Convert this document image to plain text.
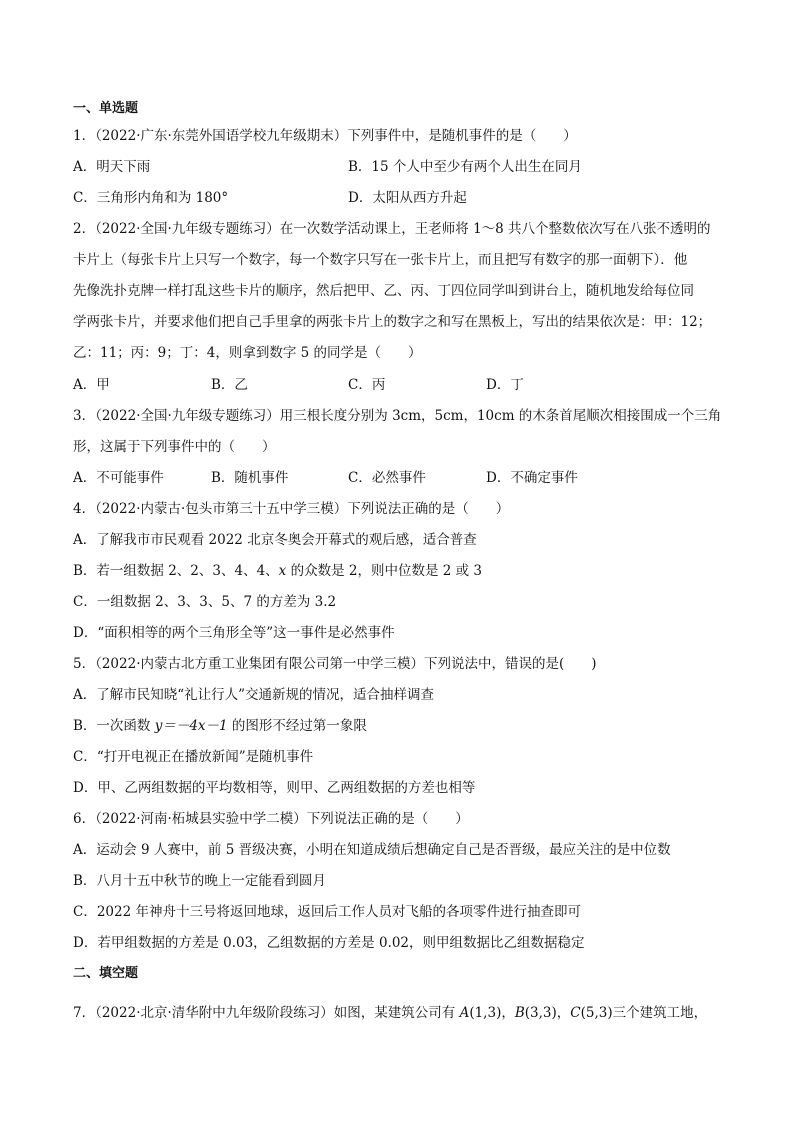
一、单选题
1．（2022·广东·东莞外国语学校九年级期末）下列事件中，是随机事件的是（　　）
A．明天下雨	B．15 个人中至少有两个人出生在同月
C．三角形内角和为 180°	D．太阳从西方升起
2．（2022·全国·九年级专题练习）在一次数学活动课上，王老师将 1～8 共八个整数依次写在八张不透明的
卡片上（每张卡片上只写一个数字，每一个数字只写在一张卡片上，而且把写有数字的那一面朝下）．他
先像洗扑克牌一样打乱这些卡片的顺序，然后把甲、乙、丙、丁四位同学叫到讲台上，随机地发给每位同
学两张卡片，并要求他们把自己手里拿的两张卡片上的数字之和写在黑板上，写出的结果依次是：甲：12；
乙：11；丙：9；丁：4，则拿到数字 5 的同学是（　　）
A．甲	B．乙	C．丙	D．丁
3．（2022·全国·九年级专题练习）用三根长度分别为 3cm，5cm，10cm 的木条首尾顺次相接围成一个三角
形，这属于下列事件中的（　　）
A．不可能事件	B．随机事件	C．必然事件	D．不确定事件
4．（2022·内蒙古·包头市第三十五中学三模）下列说法正确的是（　　）
A．了解我市市民观看 2022 北京冬奥会开幕式的观后感，适合普查
B．若一组数据 2、2、3、4、4、x 的众数是 2，则中位数是 2 或 3
C．一组数据 2、3、3、5、7 的方差为 3.2
D．“面积相等的两个三角形全等”这一事件是必然事件
5．（2022·内蒙古北方重工业集团有限公司第一中学三模）下列说法中，错误的是(　　)
A．了解市民知晓“礼让行人”交通新规的情况，适合抽样调查
B．一次函数 y＝－4x－1 的图形不经过第一象限
C．“打开电视正在播放新闻”是随机事件
D．甲、乙两组数据的平均数相等，则甲、乙两组数据的方差也相等
6．（2022·河南·柘城县实验中学二模）下列说法正确的是（　　）
A．运动会 9 人赛中，前 5 晋级决赛，小明在知道成绩后想确定自己是否晋级，最应关注的是中位数
B．八月十五中秋节的晚上一定能看到圆月
C．2022 年神舟十三号将返回地球，返回后工作人员对飞船的各项零件进行抽查即可
D．若甲组数据的方差是 0.03，乙组数据的方差是 0.02，则甲组数据比乙组数据稳定
二、填空题
7．（2022·北京·清华附中九年级阶段练习）如图，某建筑公司有 A(1,3)，B(3,3)，C(5,3)三个建筑工地，
